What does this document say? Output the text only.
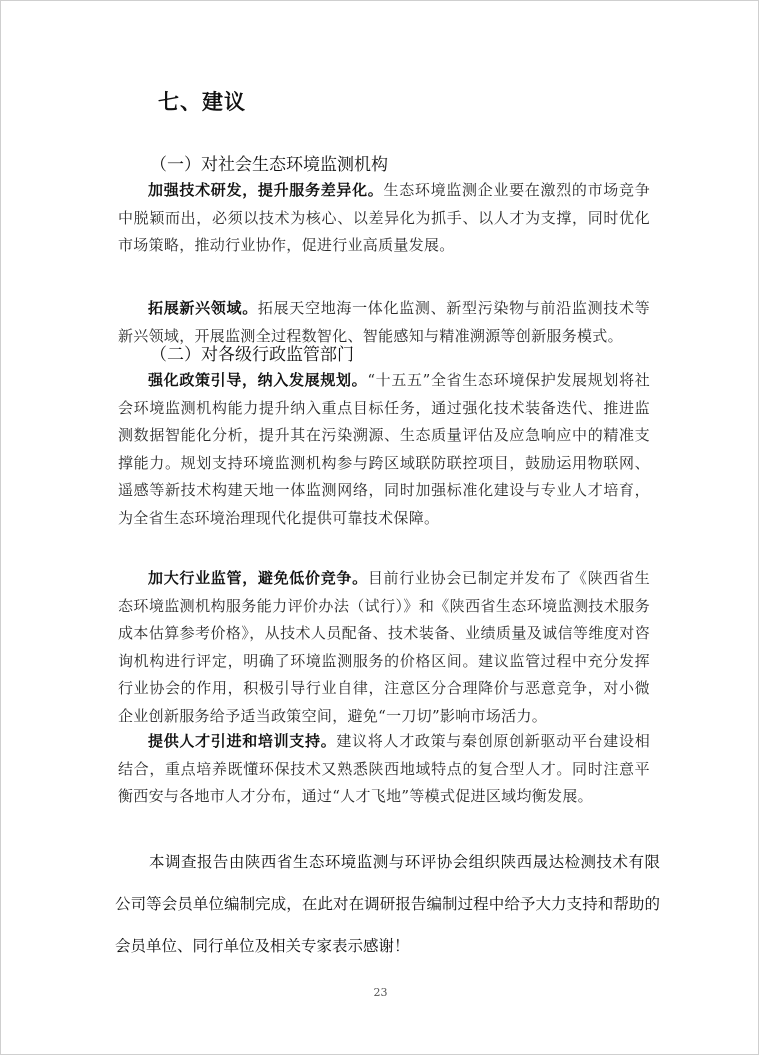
七、建议
（一）对社会生态环境监测机构

加强技术研发，提升服务差异化。生态环境监测企业要在激烈的市场竞争中脱颖而出，必须以技术为核心、以差异化为抓手、以人才为支撑，同时优化市场策略，推动行业协作，促进行业高质量发展。

拓展新兴领域。拓展天空地海一体化监测、新型污染物与前沿监测技术等新兴领域，开展监测全过程数智化、智能感知与精准溯源等创新服务模式。

（二）对各级行政监管部门

强化政策引导，纳入发展规划。“十五五”全省生态环境保护发展规划将社会环境监测机构能力提升纳入重点目标任务，通过强化技术装备迭代、推进监测数据智能化分析，提升其在污染溯源、生态质量评估及应急响应中的精准支撑能力。规划支持环境监测机构参与跨区域联防联控项目，鼓励运用物联网、遥感等新技术构建天地一体监测网络，同时加强标准化建设与专业人才培育，为全省生态环境治理现代化提供可靠技术保障。

加大行业监管，避免低价竞争。目前行业协会已制定并发布了《陕西省生态环境监测机构服务能力评价办法（试行）》和《陕西省生态环境监测技术服务成本估算参考价格》，从技术人员配备、技术装备、业绩质量及诚信等维度对咨询机构进行评定，明确了环境监测服务的价格区间。建议监管过程中充分发挥行业协会的作用，积极引导行业自律，注意区分合理降价与恶意竞争，对小微企业创新服务给予适当政策空间，避免“一刀切”影响市场活力。

提供人才引进和培训支持。建议将人才政策与秦创原创新驱动平台建设相结合，重点培养既懂环保技术又熟悉陕西地域特点的复合型人才。同时注意平衡西安与各地市人才分布，通过“人才飞地”等模式促进区域均衡发展。

本调查报告由陕西省生态环境监测与环评协会组织陕西晟达检测技术有限公司等会员单位编制完成，在此对在调研报告编制过程中给予大力支持和帮助的会员单位、同行单位及相关专家表示感谢！

23
